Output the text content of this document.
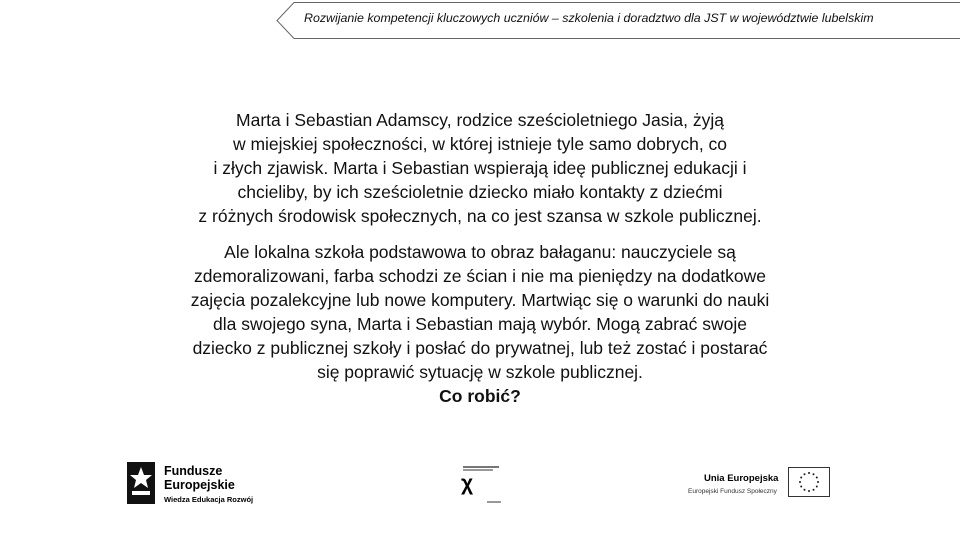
Rozwijanie kompetencji kluczowych uczniów – szkolenia i doradztwo dla JST w województwie lubelskim
Marta i Sebastian Adamscy, rodzice sześcioletniego Jasia, żyją
w miejskiej społeczności, w której istnieje tyle samo dobrych, co
i złych zjawisk. Marta i Sebastian wspierają ideę publicznej edukacji i
chcieliby, by ich sześcioletnie dziecko miało kontakty z dziećmi
z różnych środowisk społecznych, na co jest szansa w szkole publicznej.
Ale lokalna szkoła podstawowa to obraz bałaganu: nauczyciele są
zdemoralizowani, farba schodzi ze ścian i nie ma pieniędzy na dodatkowe
zajęcia pozalekcyjne lub nowe komputery. Martwiąc się o warunki do nauki
dla swojego syna, Marta i Sebastian mają wybór. Mogą zabrać swoje
dziecko z publicznej szkoły i posłać do prywatnej, lub też zostać i postarać
się poprawić sytuację w szkole publicznej.
Co robić?
Fundusze
Europejskie
Wiedza Edukacja Rozwój
χ	Unia Europejska
Europejski Fundusz Społeczny
